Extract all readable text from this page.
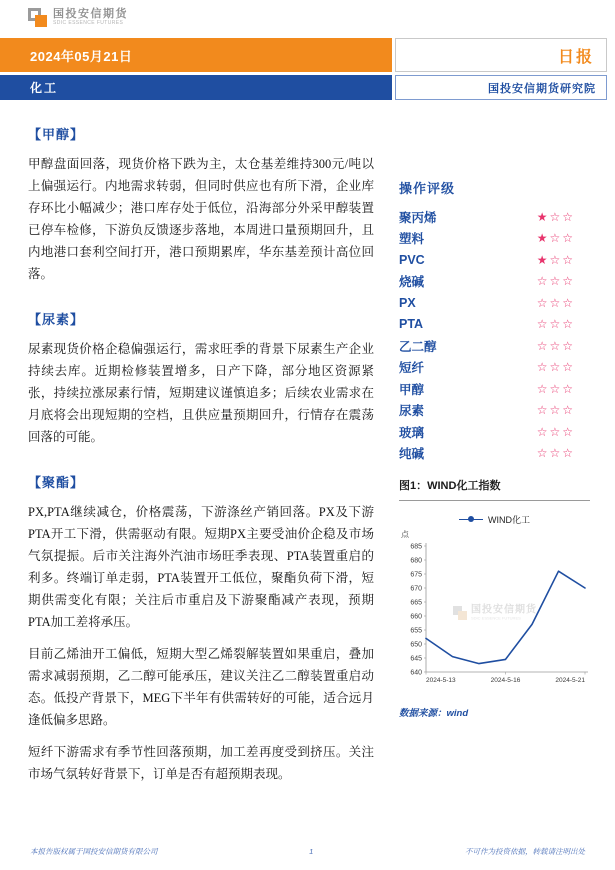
国投安信期货
SDIC ESSENCE FUTURES
2024年05月21日	日报
化工	国投安信期货研究院
【甲醇】

甲醇盘面回落，现货价格下跌为主，太仓基差维持300元/吨以上偏强运行。内地需求转弱，但同时供应也有所下滑，企业库存环比小幅减少；港口库存处于低位，沿海部分外采甲醇装置已停车检修，下游负反馈逐步落地，本周进口量预期回升，且内地港口套利空间打开，港口预期累库，华东基差预计高位回落。

【尿素】

尿素现货价格企稳偏强运行，需求旺季的背景下尿素生产企业持续去库。近期检修装置增多，日产下降，部分地区资源紧张，持续拉涨尿素行情，短期建议谨慎追多；后续农业需求在月底将会出现短期的空档，且供应量预期回升，行情存在震荡回落的可能。

【聚酯】

PX,PTA继续减仓，价格震荡，下游涤丝产销回落。PX及下游PTA开工下滑，供需驱动有限。短期PX主要受油价企稳及市场气氛提振。后市关注海外汽油市场旺季表现、PTA装置重启的利多。终端订单走弱，PTA装置开工低位，聚酯负荷下滑，短期供需变化有限；关注后市重启及下游聚酯减产表现，预期PTA加工差将承压。

目前乙烯油开工偏低，短期大型乙烯裂解装置如果重启，叠加需求减弱预期，乙二醇可能承压，建议关注乙二醇装置重启动态。低投产背景下，MEG下半年有供需转好的可能，适合远月逢低偏多思路。

短纤下游需求有季节性回落预期，加工差再度受到挤压。关注市场气氛转好背景下，订单是否有超预期表现。

操作评级
聚丙烯	★☆☆
塑料	★☆☆
PVC	★☆☆
烧碱	☆☆☆
PX	☆☆☆
PTA	☆☆☆
乙二醇	☆☆☆
短纤	☆☆☆
甲醇	☆☆☆
尿素	☆☆☆
玻璃	☆☆☆
纯碱	☆☆☆
图1：WIND化工指数
WIND化工
点
640
645
650
655
660
665
670
675
680
685
2024-5-13	2024-5-16	2024-5-21
国投安信期货
SDIC ESSENCE FUTURES
数据来源：wind
本报告版权属于国投安信期货有限公司	1	不可作为投资依据，转载请注明出处
